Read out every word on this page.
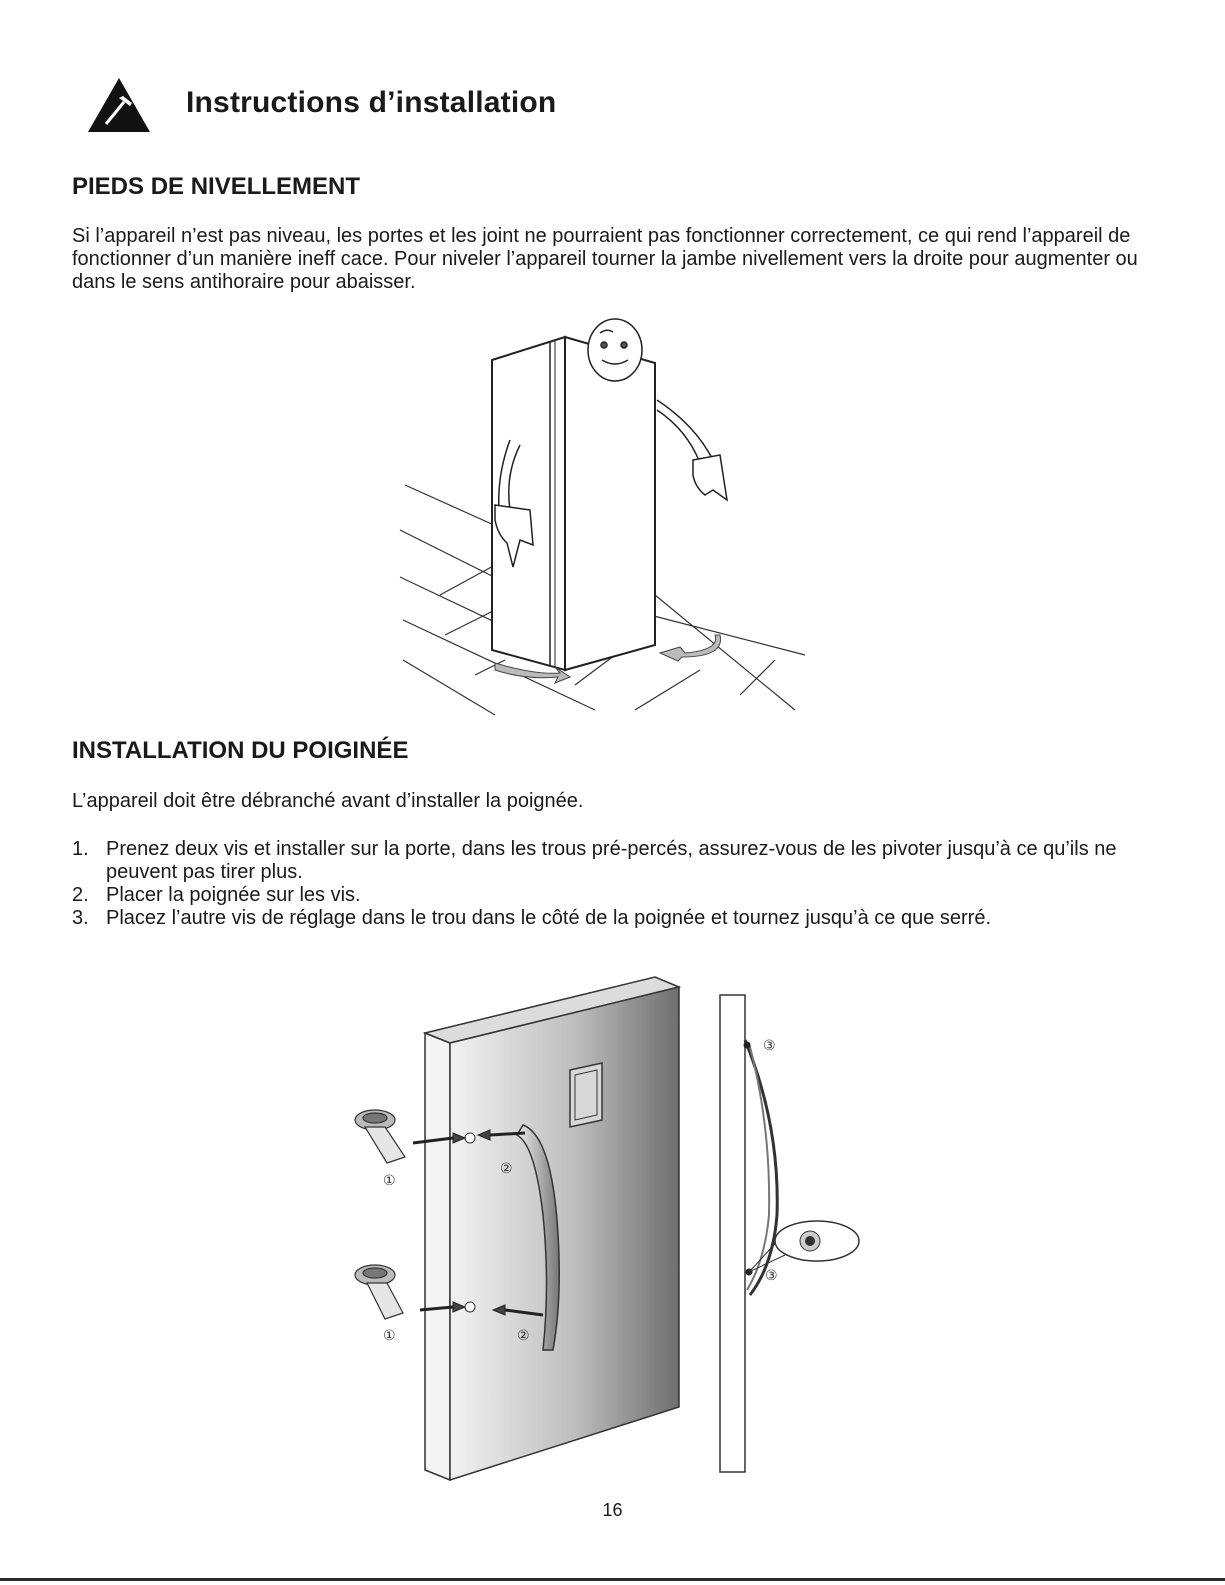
Instructions d’installation
PIEDS DE NIVELLEMENT

Si l’appareil n’est pas niveau, les portes et les joint ne pourraient pas fonctionner correctement, ce qui rend l’appareil de fonctionner d’un manière ineff cace. Pour niveler l’appareil tourner la jambe nivellement vers la droite pour augmenter ou dans le sens antihoraire pour abaisser.

INSTALLATION DU POIGINÉE

L’appareil doit être débranché avant d’installer la poignée.

1. Prenez deux vis et installer sur la porte, dans les trous pré-percés, assurez-vous de les pivoter jusqu’à ce qu’ils ne peuvent pas tirer plus.
2. Placer la poignée sur les vis.
3. Placez l’autre vis de réglage dans le trou dans le côté de la poignée et tournez jusqu’à ce que serré.
①
①
②
②
③
③
16
